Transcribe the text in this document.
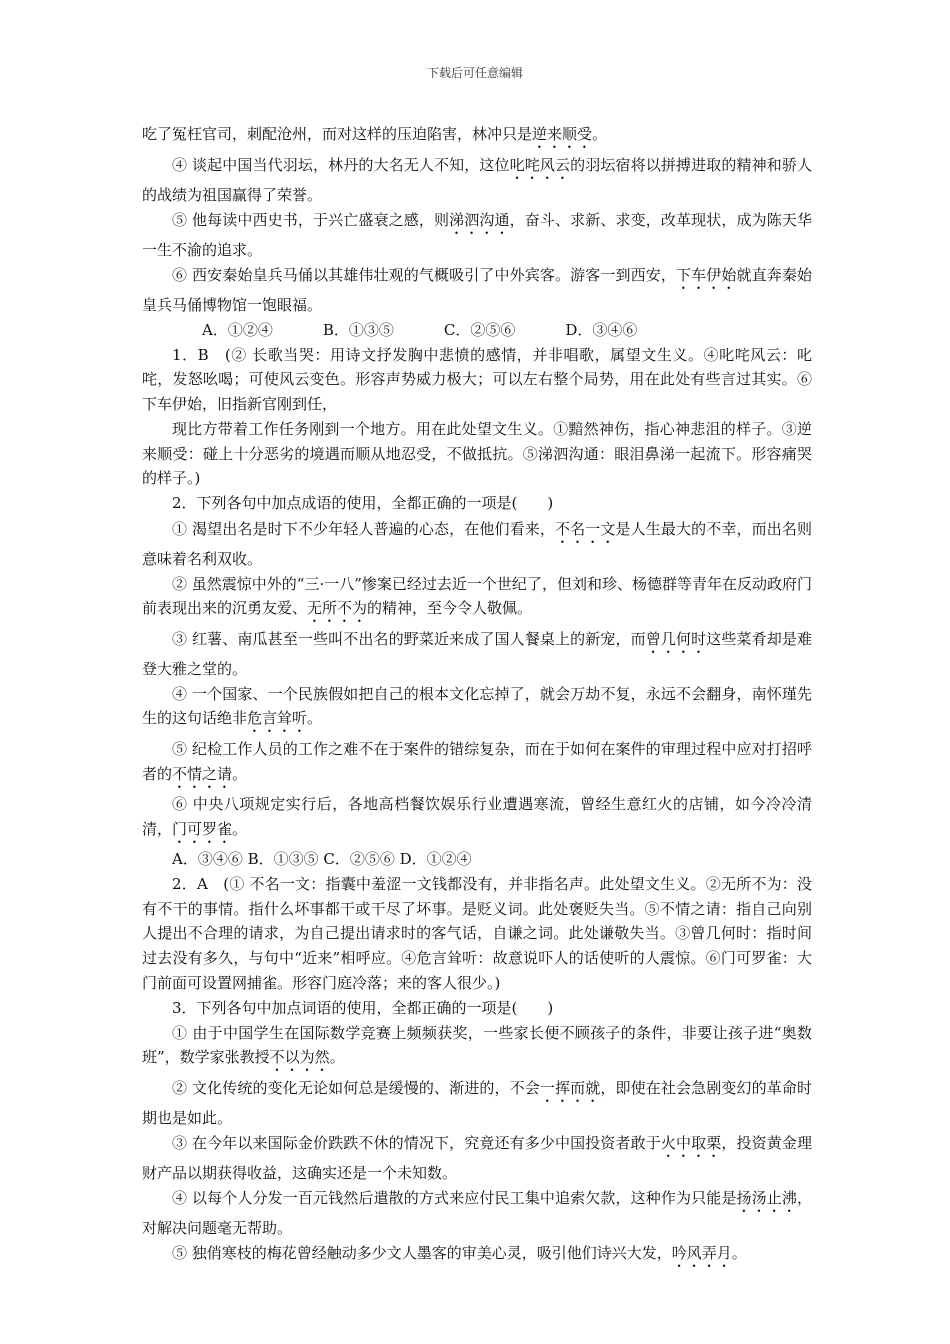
下载后可任意编辑
吃了冤枉官司，刺配沧州，而对这样的压迫陷害，林冲只是逆来顺受。
④ 谈起中国当代羽坛，林丹的大名无人不知，这位叱咤风云的羽坛宿将以拼搏进取的精神和骄人的战绩为祖国赢得了荣誉。
⑤ 他每读中西史书，于兴亡盛衰之感，则涕泗沟通，奋斗、求新、求变，改革现状，成为陈天华一生不渝的追求。
⑥ 西安秦始皇兵马俑以其雄伟壮观的气概吸引了中外宾客。游客一到西安，下车伊始就直奔秦始皇兵马俑博物馆一饱眼福。
A．①②④	B．①③⑤	C．②⑤⑥	D．③④⑥
1．B　(② 长歌当哭：用诗文抒发胸中悲愤的感情，并非唱歌，属望文生义。④叱咤风云：叱咤，发怒吆喝；可使风云变色。形容声势威力极大；可以左右整个局势，用在此处有些言过其实。⑥下车伊始，旧指新官刚到任，
现比方带着工作任务刚到一个地方。用在此处望文生义。①黯然神伤，指心神悲沮的样子。③逆来顺受：碰上十分恶劣的境遇而顺从地忍受，不做抵抗。⑤涕泗沟通：眼泪鼻涕一起流下。形容痛哭的样子。)
2．下列各句中加点成语的使用，全都正确的一项是(　　)
① 渴望出名是时下不少年轻人普遍的心态，在他们看来，不名一文是人生最大的不幸，而出名则意味着名利双收。
② 虽然震惊中外的“三·一八”惨案已经过去近一个世纪了，但刘和珍、杨德群等青年在反动政府门前表现出来的沉勇友爱、无所不为的精神，至今令人敬佩。
③ 红薯、南瓜甚至一些叫不出名的野菜近来成了国人餐桌上的新宠，而曾几何时这些菜肴却是难登大雅之堂的。
④ 一个国家、一个民族假如把自己的根本文化忘掉了，就会万劫不复，永远不会翻身，南怀瑾先生的这句话绝非危言耸听。
⑤ 纪检工作人员的工作之难不在于案件的错综复杂，而在于如何在案件的审理过程中应对打招呼者的不情之请。
⑥ 中央八项规定实行后，各地高档餐饮娱乐行业遭遇寒流，曾经生意红火的店铺，如今冷冷清清，门可罗雀。
A．③④⑥ B．①③⑤ C．②⑤⑥ D．①②④
2．A　(① 不名一文：指囊中羞涩一文钱都没有，并非指名声。此处望文生义。②无所不为：没有不干的事情。指什么坏事都干或干尽了坏事。是贬义词。此处褒贬失当。⑤不情之请：指自己向别人提出不合理的请求，为自己提出请求时的客气话，自谦之词。此处谦敬失当。③曾几何时：指时间过去没有多久，与句中“近来”相呼应。④危言耸听：故意说吓人的话使听的人震惊。⑥门可罗雀：大门前面可设置网捕雀。形容门庭冷落；来的客人很少。)
3．下列各句中加点词语的使用，全都正确的一项是(　　)
① 由于中国学生在国际数学竞赛上频频获奖，一些家长便不顾孩子的条件，非要让孩子进“奥数班”，数学家张教授不以为然。
② 文化传统的变化无论如何总是缓慢的、渐进的，不会一挥而就，即使在社会急剧变幻的革命时期也是如此。
③ 在今年以来国际金价跌跌不休的情况下，究竟还有多少中国投资者敢于火中取栗，投资黄金理财产品以期获得收益，这确实还是一个未知数。
④ 以每个人分发一百元钱然后遣散的方式来应付民工集中追索欠款，这种作为只能是扬汤止沸，对解决问题毫无帮助。
⑤ 独俏寒枝的梅花曾经触动多少文人墨客的审美心灵，吸引他们诗兴大发，吟风弄月。
